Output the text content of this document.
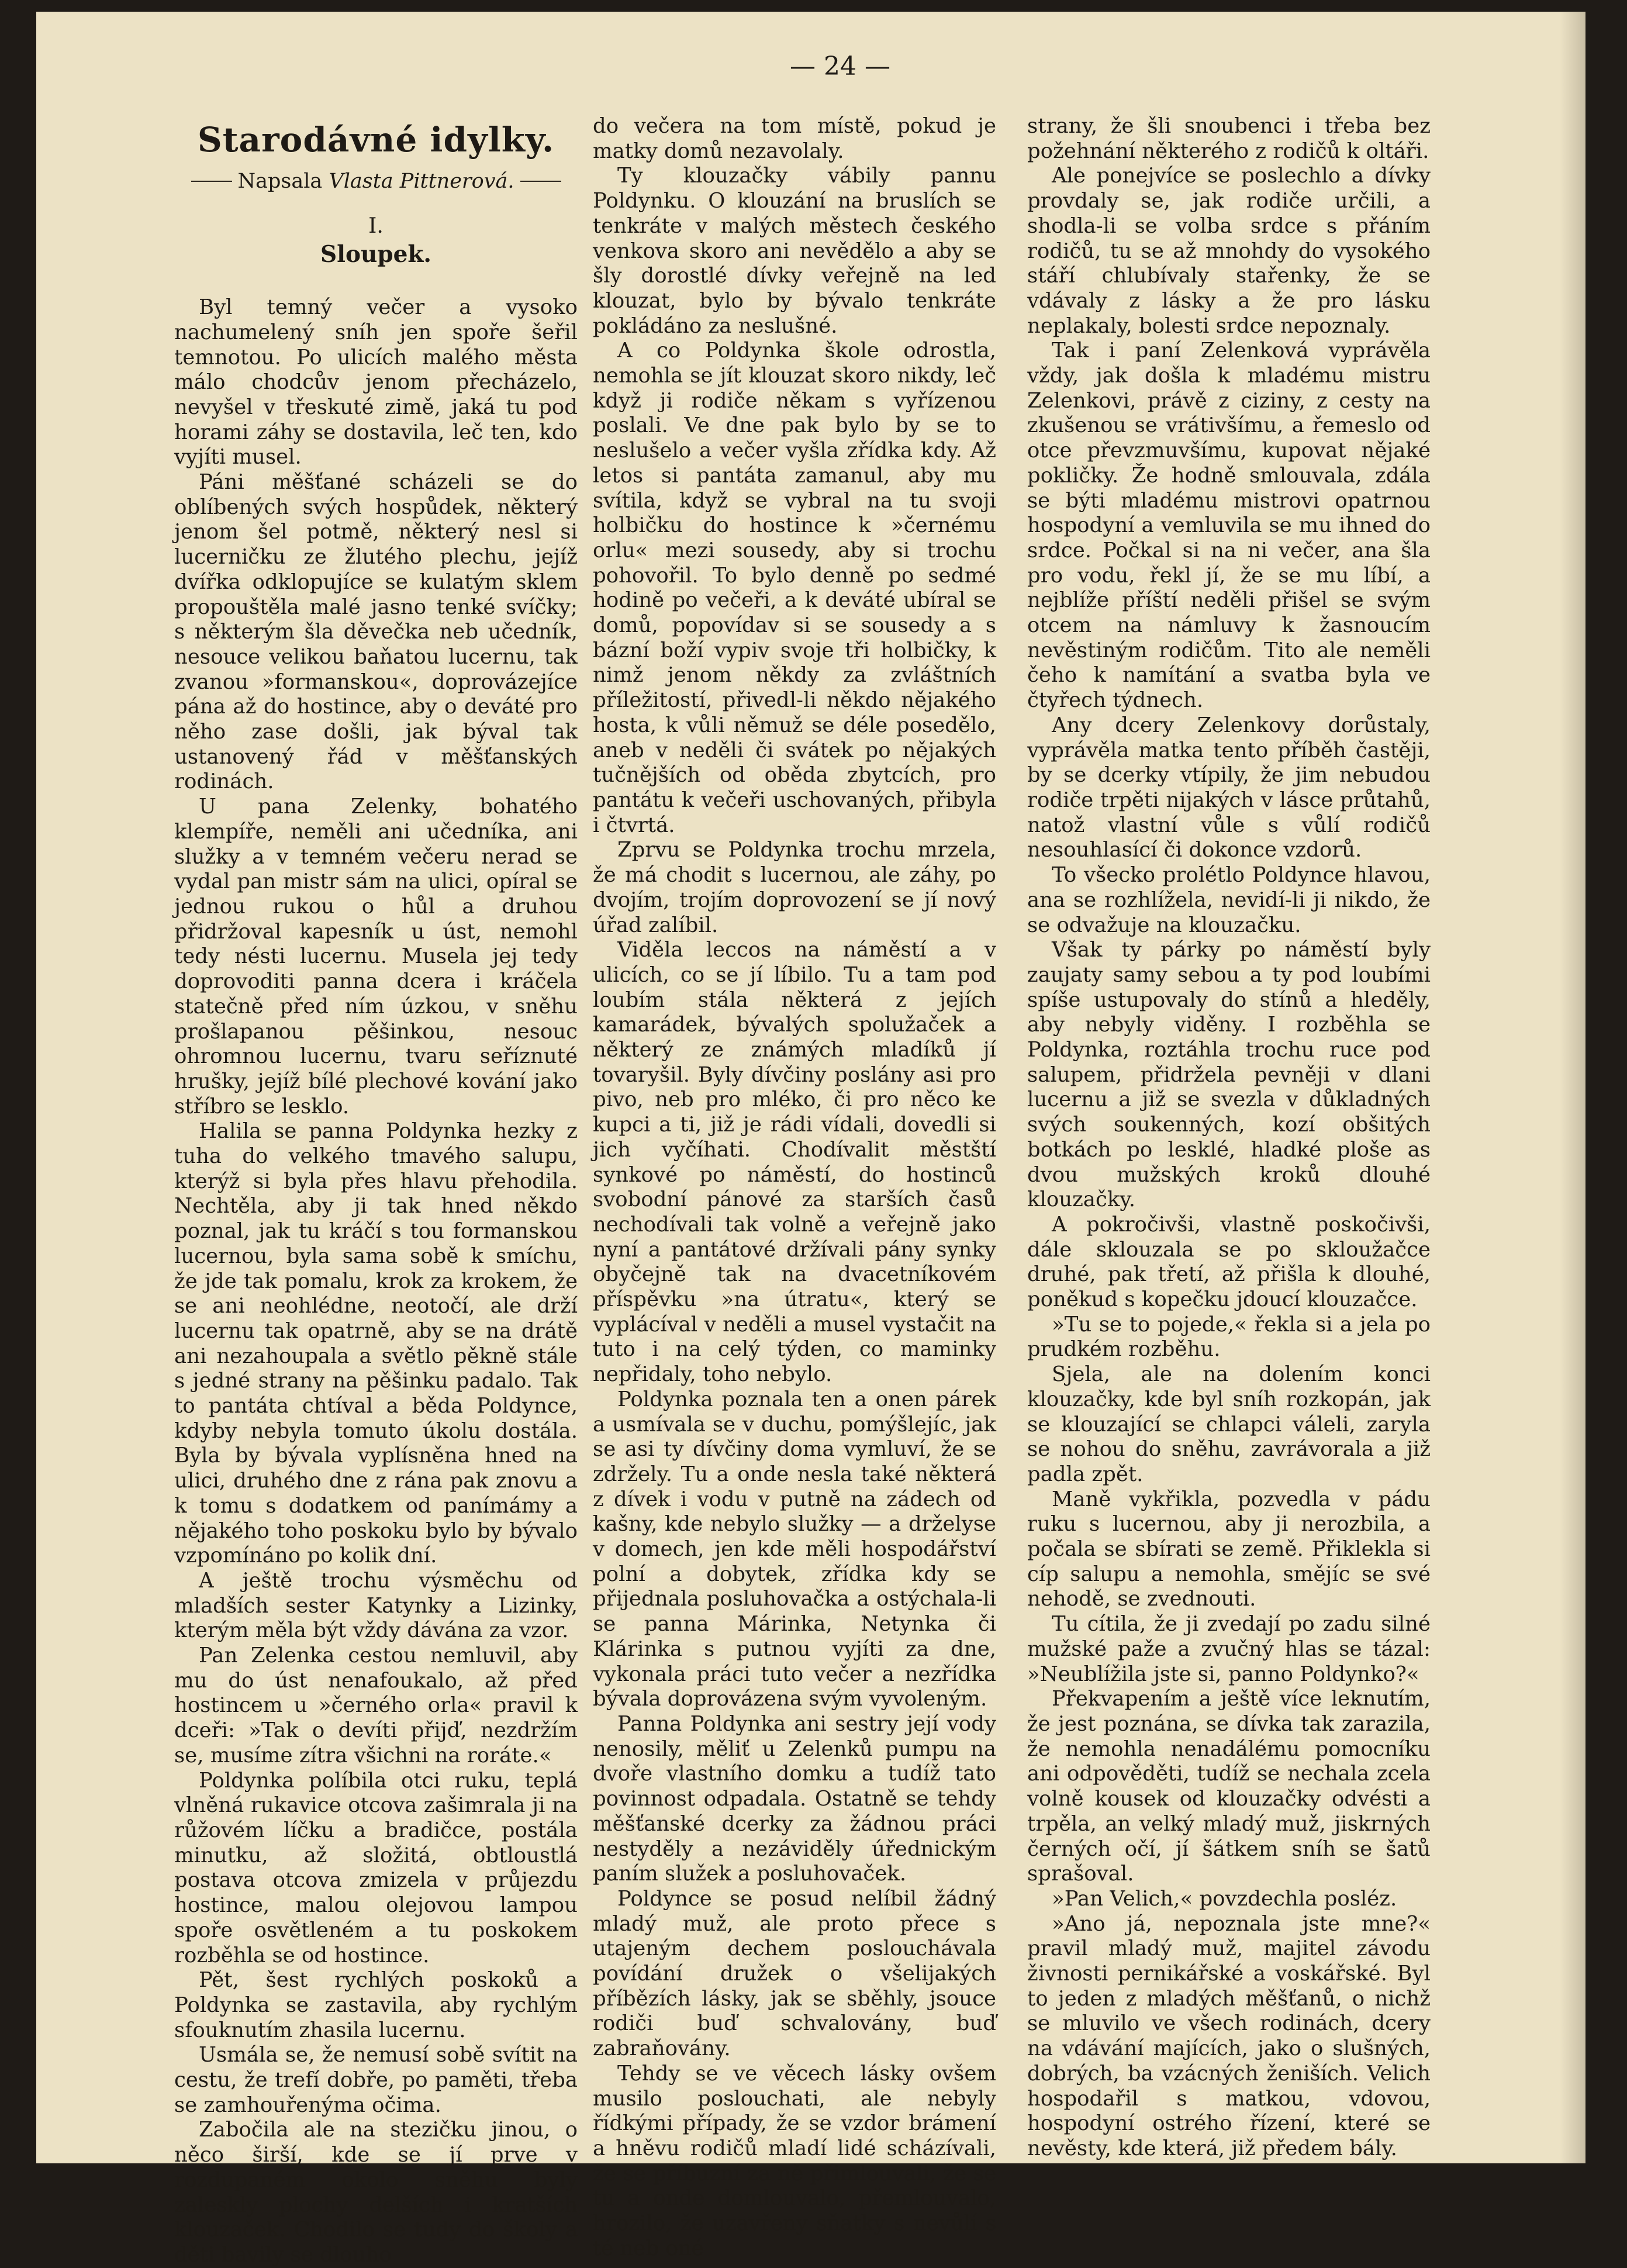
— 24 —
Starodávné idylky.
Napsala
Vlasta Pittnerová.
I.
Sloupek.

Byl temný večer a vysoko nachumelený sníh jen spoře šeřil temnotou. Po ulicích malého města málo chodcův jenom přecházelo, nevyšel v třeskuté zimě, jaká tu pod horami záhy se dostavila, leč ten, kdo vyjíti musel.

Páni měšťané scházeli se do oblíbených svých hospůdek, některý jenom šel potmě, některý nesl si lucerničku ze žlutého plechu, jejíž dvířka odklopujíce se kulatým sklem propouštěla malé jasno tenké svíčky; s některým šla děvečka neb učedník, nesouce velikou baňatou lucernu, tak zvanou »formanskou«, doprovázejíce pána až do hostince, aby o deváté pro něho zase došli, jak býval tak ustanovený řád v měšťanských rodinách.

U pana Zelenky, bohatého klempíře, neměli ani učedníka, ani služky a v temném večeru nerad se vydal pan mistr sám na ulici, opíral se jednou rukou o hůl a druhou přidržoval kapesník u úst, nemohl tedy nésti lucernu. Musela jej tedy doprovoditi panna dcera i kráčela statečně před ním úzkou, v sněhu prošlapanou pěšinkou, nesouc ohromnou lucernu, tvaru seříznuté hrušky, jejíž bílé plechové kování jako stříbro se lesklo.

Halila se panna Poldynka hezky z tuha do velkého tmavého salupu, kterýž si byla přes hlavu přehodila. Nechtěla, aby ji tak hned někdo poznal, jak tu kráčí s tou formanskou lucernou, byla sama sobě k smíchu, že jde tak pomalu, krok za krokem, že se ani neohlédne, neotočí, ale drží lucernu tak opatrně, aby se na drátě ani nezahoupala a světlo pěkně stále s jedné strany na pěšinku padalo. Tak to pantáta chtíval a běda Poldynce, kdyby nebyla tomuto úkolu dostála. Byla by bývala vyplísněna hned na ulici, druhého dne z rána pak znovu a k tomu s dodatkem od panímámy a nějakého toho poskoku bylo by bývalo vzpomínáno po kolik dní.

A ještě trochu výsměchu od mladších sester Katynky a Lizinky, kterým měla být vždy dávána za vzor.

Pan Zelenka cestou nemluvil, aby mu do úst nenafoukalo, až před hostincem u »černého orla« pravil k dceři: »Tak o devíti přijď, nezdržím se, musíme zítra všichni na roráte.«

Poldynka políbila otci ruku, teplá vlněná rukavice otcova zašimrala ji na růžovém líčku a bradičce, postála minutku, až složitá, obtloustlá postava otcova zmizela v průjezdu hostince, malou olejovou lampou spoře osvětleném a tu poskokem rozběhla se od hostince.

Pět, šest rychlých poskoků a Poldynka se zastavila, aby rychlým sfouknutím zhasila lucernu.

Usmála se, že nemusí sobě svítit na cestu, že trefí dobře, po paměti, třeba se zamhouřenýma očima.

Zabočila ale na stezičku jinou, o něco širší, kde se jí prve v rozdupaném okolo sněhu byly zaleskly plochy delších i kratších klouzaček. Chodilo se tudy do školy a děti bavily se dlouho

do večera na tom místě, pokud je matky domů nezavolaly.

Ty klouzačky vábily pannu Poldynku. O klouzání na bruslích se tenkráte v malých městech českého venkova skoro ani nevědělo a aby se šly dorostlé dívky veřejně na led klouzat, bylo by bývalo tenkráte pokládáno za neslušné.

A co Poldynka škole odrostla, nemohla se jít klouzat skoro nikdy, leč když ji rodiče někam s vyřízenou poslali. Ve dne pak bylo by se to neslušelo a večer vyšla zřídka kdy. Až letos si pantáta zamanul, aby mu svítila, když se vybral na tu svoji holbičku do hostince k »černému orlu« mezi sousedy, aby si trochu pohovořil. To bylo denně po sedmé hodině po večeři, a k deváté ubíral se domů, popovídav si se sousedy a s bázní boží vypiv svoje tři holbičky, k nimž jenom někdy za zvláštních příležitostí, přivedl-li někdo nějakého hosta, k vůli němuž se déle posedělo, aneb v neděli či svátek po nějakých tučnějších od oběda zbytcích, pro pantátu k večeři uschovaných, přibyla i čtvrtá.

Zprvu se Poldynka trochu mrzela, že má chodit s lucernou, ale záhy, po dvojím, trojím doprovození se jí nový úřad zalíbil.

Viděla leccos na náměstí a v ulicích, co se jí líbilo. Tu a tam pod loubím stála některá z jejích kamarádek, bývalých spolužaček a některý ze známých mladíků jí tovaryšil. Byly dívčiny poslány asi pro pivo, neb pro mléko, či pro něco ke kupci a ti, již je rádi vídali, dovedli si jich vyčíhati. Chodívalit městští synkové po náměstí, do hostinců svobodní pánové za starších časů nechodívali tak volně a veřejně jako nyní a pantátové držívali pány synky obyčejně tak na dvacetníkovém příspěvku »na útratu«, který se vyplácíval v neděli a musel vystačit na tuto i na celý týden, co maminky nepřidaly, toho nebylo.

Poldynka poznala ten a onen párek a usmívala se v duchu, pomýšlejíc, jak se asi ty dívčiny doma vymluví, že se zdržely. Tu a onde nesla také některá z dívek i vodu v putně na zádech od kašny, kde nebylo služky — a drželyse v domech, jen kde měli hospodářství polní a dobytek, zřídka kdy se přijednala posluhovačka a ostýchala-li se panna Márinka, Netynka či Klárinka s putnou vyjíti za dne, vykonala práci tuto večer a nezřídka bývala doprovázena svým vyvoleným.

Panna Poldynka ani sestry její vody nenosily, měliť u Zelenků pumpu na dvoře vlastního domku a tudíž tato povinnost odpadala. Ostatně se tehdy měšťanské dcerky za žádnou práci nestyděly a nezáviděly úřednickým paním služek a posluhovaček.

Poldynce se posud nelíbil žádný mladý muž, ale proto přece s utajeným dechem poslouchávala povídání družek o všelijakých příbězích lásky, jak se sběhly, jsouce rodiči buď schvalovány, buď zabraňovány.

Tehdy se ve věcech lásky ovšem musilo poslouchati, ale nebyly řídkými případy, že se vzdor brámení a hněvu rodičů mladí lidé scházívali, že se příbuzní za ně přimlouvali, že se tu a onde domlouvalo, přemlouvalo, hrozilo, že uzavřeny sňatky s nevůlí s té neb oné

strany, že šli snoubenci i třeba bez požehnání některého z rodičů k oltáři.

Ale ponejvíce se poslechlo a dívky provdaly se, jak rodiče určili, a shodla-li se volba srdce s přáním rodičů, tu se až mnohdy do vysokého stáří chlubívaly stařenky, že se vdávaly z lásky a že pro lásku neplakaly, bolesti srdce nepoznaly.

Tak i paní Zelenková vyprávěla vždy, jak došla k mladému mistru Zelenkovi, právě z ciziny, z cesty na zkušenou se vrátivšímu, a řemeslo od otce převzmuvšímu, kupovat nějaké pokličky. Že hodně smlouvala, zdála se býti mladému mistrovi opatrnou hospodyní a vemluvila se mu ihned do srdce. Počkal si na ni večer, ana šla pro vodu, řekl jí, že se mu líbí, a nejblíže příští neděli přišel se svým otcem na námluvy k žasnoucím nevěstiným rodičům. Tito ale neměli čeho k namítání a svatba byla ve čtyřech týdnech.

Any dcery Zelenkovy dorůstaly, vyprávěla matka tento příběh častěji, by se dcerky vtípily, že jim nebudou rodiče trpěti nijakých v lásce průtahů, natož vlastní vůle s vůlí rodičů nesouhlasící či dokonce vzdorů.

To všecko prolétlo Poldynce hlavou, ana se rozhlížela, nevidí-li ji nikdo, že se odvažuje na klouzačku.

Však ty párky po náměstí byly zaujaty samy sebou a ty pod loubími spíše ustupovaly do stínů a hleděly, aby nebyly viděny. I rozběhla se Poldynka, roztáhla trochu ruce pod salupem, přidržela pevněji v dlani lucernu a již se svezla v důkladných svých soukenných, kozí obšitých botkách po lesklé, hladké ploše as dvou mužských kroků dlouhé klouzačky.

A pokročivši, vlastně poskočivši, dále sklouzala se po skloužačce druhé, pak třetí, až přišla k dlouhé, poněkud s kopečku jdoucí klouzačce.

»Tu se to pojede,« řekla si a jela po prudkém rozběhu.

Sjela, ale na dolením konci klouzačky, kde byl sníh rozkopán, jak se klouzající se chlapci váleli, zaryla se nohou do sněhu, zavrávorala a již padla zpět.

Maně vykřikla, pozvedla v pádu ruku s lucernou, aby ji nerozbila, a počala se sbírati se země. Přiklekla si cíp salupu a nemohla, smějíc se své nehodě, se zvednouti.

Tu cítila, že ji zvedají po zadu silné mužské paže a zvučný hlas se tázal: »Neublížila jste si, panno Poldynko?«

Překvapením a ještě více leknutím, že jest poznána, se dívka tak zarazila, že nemohla nenadálému pomocníku ani odpověděti, tudíž se nechala zcela volně kousek od klouzačky odvésti a trpěla, an velký mladý muž, jiskrných černých očí, jí šátkem sníh se šatů sprašoval.

»Pan Velich,« povzdechla posléz.

»Ano já, nepoznala jste mne?« pravil mladý muž, majitel závodu živnosti pernikářské a voskářské. Byl to jeden z mladých měšťanů, o nichž se mluvilo ve všech rodinách, dcery na vdávání majících, jako o slušných, dobrých, ba vzácných ženiších. Velich hospodařil s matkou, vdovou, hospodyní ostrého řízení, které se nevěsty, kde která, již předem bály.
